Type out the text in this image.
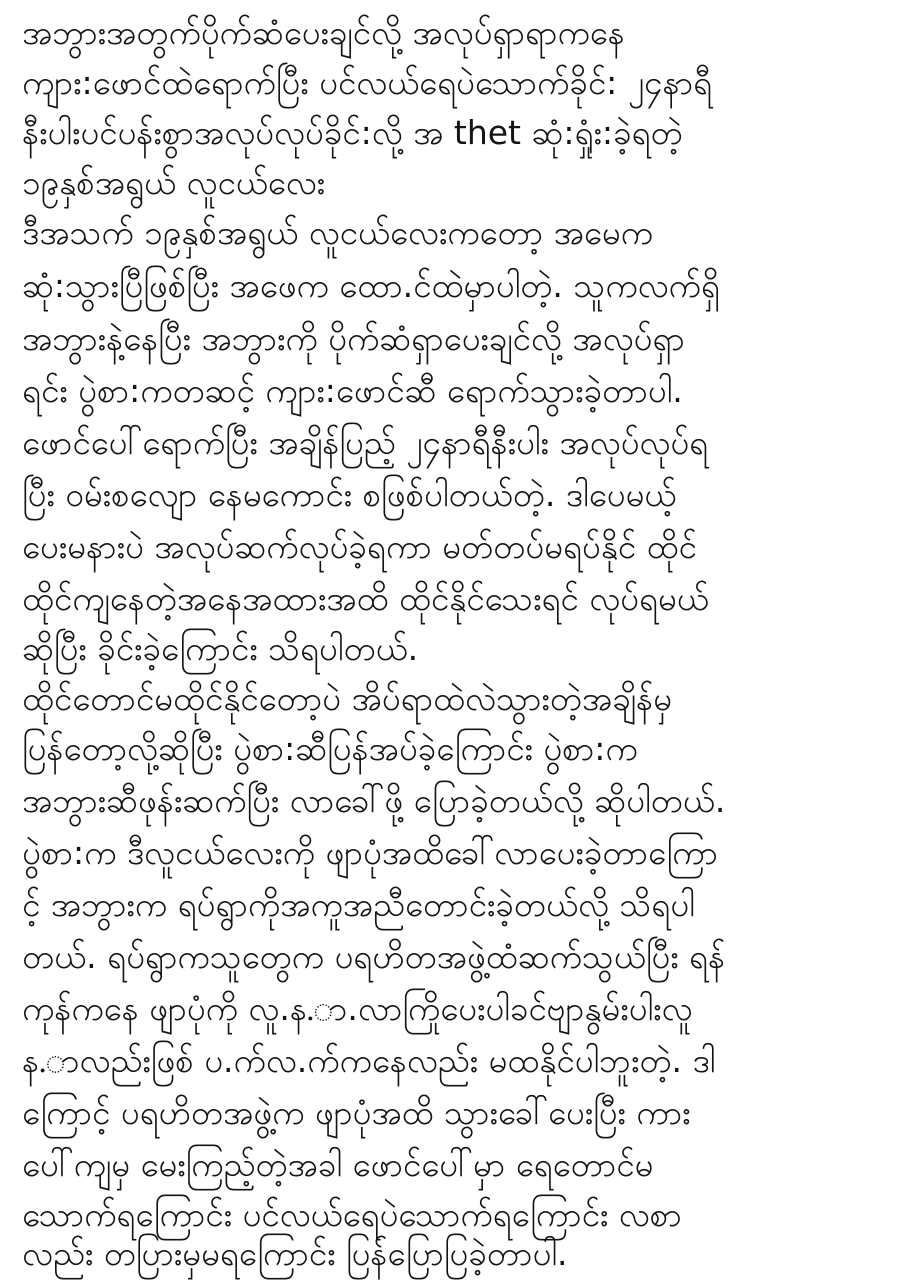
အဘွားအတွက်ပိုက်ဆံပေးချင်လို့ အလုပ်ရှာရာကနေ
ကျား:ဖောင်ထဲရောက်ပြီး ပင်လယ်ရေပဲသောက်ခိုင်: ၂၄နာရီ
နီးပါးပင်ပန်းစွာအလုပ်လုပ်ခိုင်:လို့ အ thet ဆုံ:ရှုံး:ခဲ့ရတဲ့
၁၉နှစ်အရွယ် လူငယ်လေး
ဒီအသက် ၁၉နှစ်အရွယ် လူငယ်လေးကတော့ အမေက
ဆုံ:သွားပြီဖြစ်ပြီး အဖေက ထော.င်ထဲမှာပါတဲ့. သူကလက်ရှိ
အဘွားနဲ့နေပြီး အဘွားကို ပိုက်ဆံရှာပေးချင်လို့ အလုပ်ရှာ
ရင်း ပွဲစာ:ကတဆင့် ကျား:ဖောင်ဆီ ရောက်သွားခဲ့တာပါ.
ဖောင်ပေါ်ရောက်ပြီး အချိန်ပြည့် ၂၄နာရီနီးပါး အလုပ်လုပ်ရ
ပြီး ဝမ်းစလျော နေမကောင်း စဖြစ်ပါတယ်တဲ့. ဒါပေမယ့်
ပေးမနားပဲ အလုပ်ဆက်လုပ်ခဲ့ရကာ မတ်တပ်မရပ်နိုင် ထိုင်
ထိုင်ကျနေတဲ့အနေအထားအထိ ထိုင်နိုင်သေးရင် လုပ်ရမယ်
ဆိုပြီး ခိုင်းခဲ့ကြောင်း သိရပါတယ်.
ထိုင်တောင်မထိုင်နိုင်တော့ပဲ အိပ်ရာထဲလဲသွားတဲ့အချိန်မှ
ပြန်တော့လို့ဆိုပြီး ပွဲစာ:ဆီပြန်အပ်ခဲ့ကြောင်း ပွဲစာ:က
အဘွားဆီဖုန်းဆက်ပြီး လာခေါ်ဖို့ ပြောခဲ့တယ်လို့ ဆိုပါတယ်.
ပွဲစာ:က ဒီလူငယ်လေးကို ဖျာပုံအထိခေါ်လာပေးခဲ့တာကြော
င့် အဘွားက ရပ်ရွာကိုအကူအညီတောင်းခဲ့တယ်လို့ သိရပါ
တယ်. ရပ်ရွာကသူတွေက ပရဟိတအဖွဲ့ထံဆက်သွယ်ပြီး ရန်
ကုန်ကနေ ဖျာပုံကို လူ.န.ာ.လာကြိုပေးပါခင်ဗျာနွမ်းပါးလူ
န.ာလည်းဖြစ် ပ.က်လ.က်ကနေလည်း မထနိုင်ပါဘူးတဲ့. ဒါ
ကြောင့် ပရဟိတအဖွဲ့က ဖျာပုံအထိ သွားခေါ်ပေးပြီး ကား
ပေါ်ကျမှ မေးကြည့်တဲ့အခါ ဖောင်ပေါ်မှာ ရေတောင်မ
သောက်ရကြောင်း ပင်လယ်ရေပဲသောက်ရကြောင်း လစာ
လည်း တပြားမှမရကြောင်း ပြန်ပြောပြခဲ့တာပါ.
